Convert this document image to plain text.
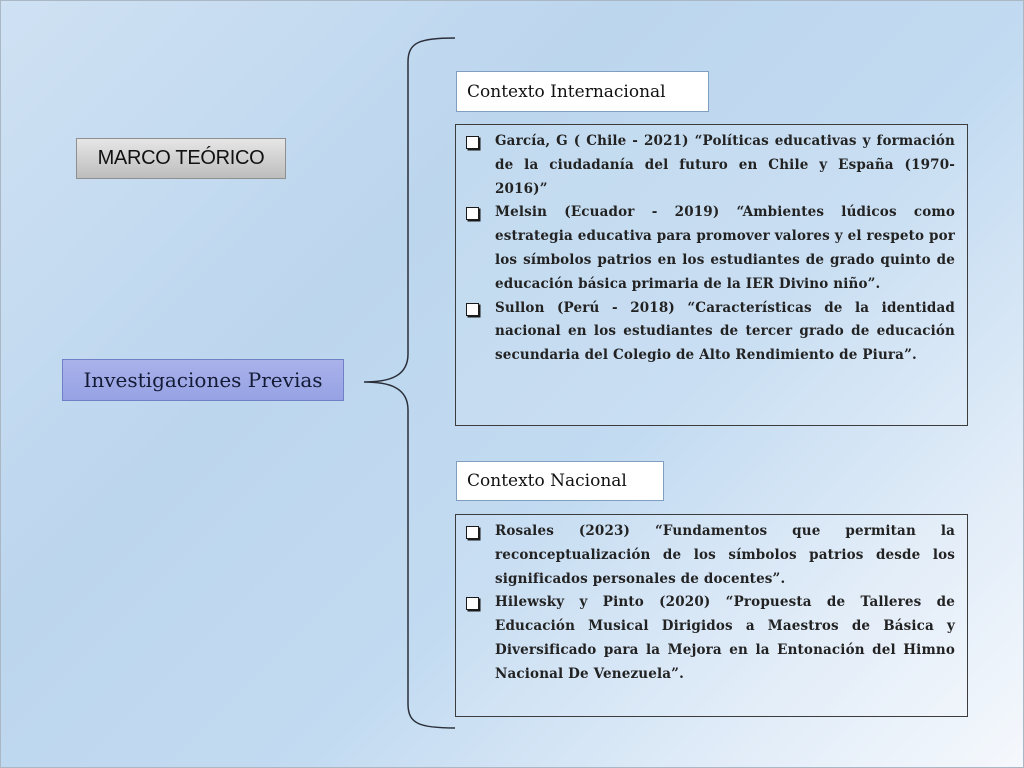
MARCO TEÓRICO
Investigaciones Previas
Contexto Internacional
García, G ( Chile - 2021) “Políticas educativas y formación de la ciudadanía del futuro en Chile y España (1970- 2016)”
Melsin (Ecuador - 2019) “Ambientes lúdicos como estrategia educativa para promover valores y el respeto por los símbolos patrios en los estudiantes de grado quinto de educación básica primaria de la IER Divino niño”.
Sullon (Perú - 2018) “Características de la identidad nacional en los estudiantes de tercer grado de educación secundaria del Colegio de Alto Rendimiento de Piura”.
Contexto Nacional
Rosales (2023) “Fundamentos que permitan la reconceptualización de los símbolos patrios desde los significados personales de docentes”.
Hilewsky y Pinto (2020) “Propuesta de Talleres de Educación Musical Dirigidos a Maestros de Básica y Diversificado para la Mejora en la Entonación del Himno Nacional De Venezuela”.
